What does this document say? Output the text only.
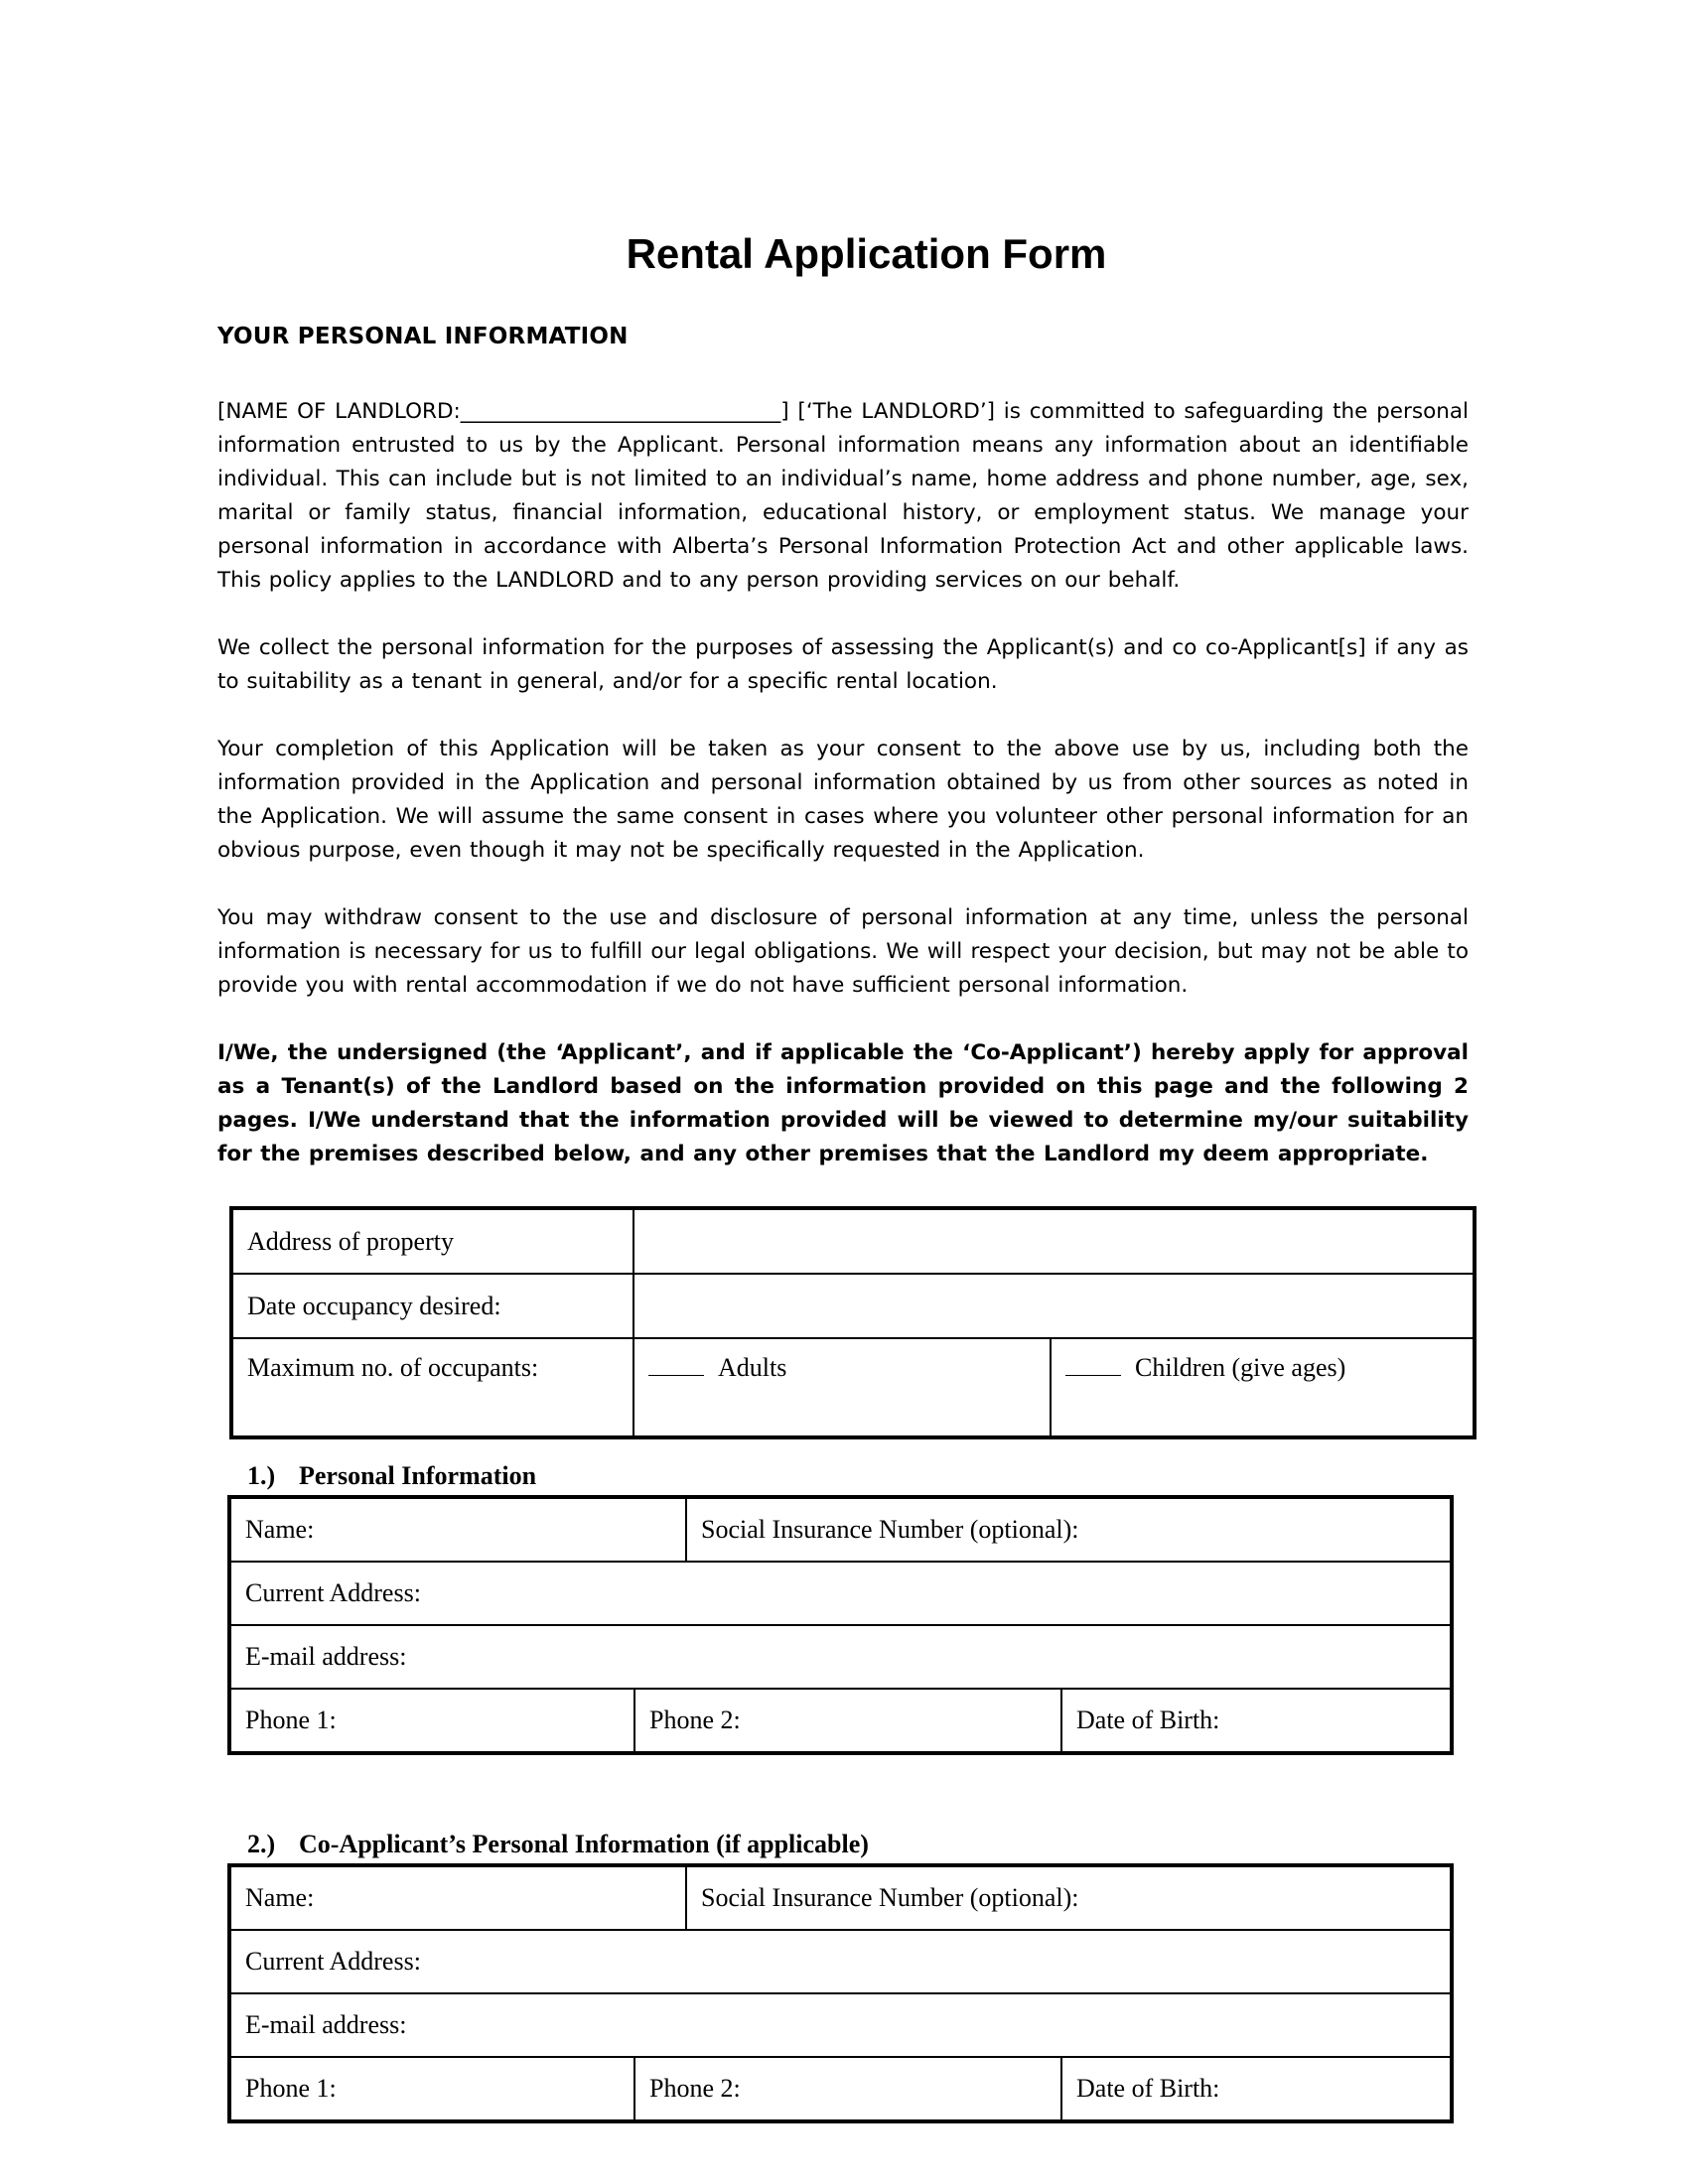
Rental Application Form
YOUR PERSONAL INFORMATION

[NAME OF LANDLORD:______________________________] [‘The LANDLORD’] is committed to safeguarding the personal information entrusted to us by the Applicant. Personal information means any information about an identifiable individual. This can include but is not limited to an individual’s name, home address and phone number, age, sex, marital or family status, financial information, educational history, or employment status. We manage your personal information in accordance with Alberta’s Personal Information Protection Act and other applicable laws. This policy applies to the LANDLORD and to any person providing services on our behalf.

We collect the personal information for the purposes of assessing the Applicant(s) and co co-Applicant[s] if any as to suitability as a tenant in general, and/or for a specific rental location.

Your completion of this Application will be taken as your consent to the above use by us, including both the information provided in the Application and personal information obtained by us from other sources as noted in the Application. We will assume the same consent in cases where you volunteer other personal information for an obvious purpose, even though it may not be specifically requested in the Application.

You may withdraw consent to the use and disclosure of personal information at any time, unless the personal information is necessary for us to fulfill our legal obligations. We will respect your decision, but may not be able to provide you with rental accommodation if we do not have sufficient personal information.

I/We, the undersigned (the ‘Applicant’, and if applicable the ‘Co-Applicant’) hereby apply for approval as a Tenant(s) of the Landlord based on the information provided on this page and the following 2 pages. I/We understand that the information provided will be viewed to determine my/our suitability for the premises described below, and any other premises that the Landlord my deem appropriate.

Address of property		
Date occupancy desired:		
Maximum no. of occupants:	Adults	Children (give ages)
1.) Personal Information
Name:		Social Insurance Number (optional):	
Current Address:			
E-mail address:			
Phone 1:	Phone 2:		Date of Birth:
2.) Co-Applicant’s Personal Information (if applicable)
Name:		Social Insurance Number (optional):	
Current Address:			
E-mail address:			
Phone 1:	Phone 2:		Date of Birth:
